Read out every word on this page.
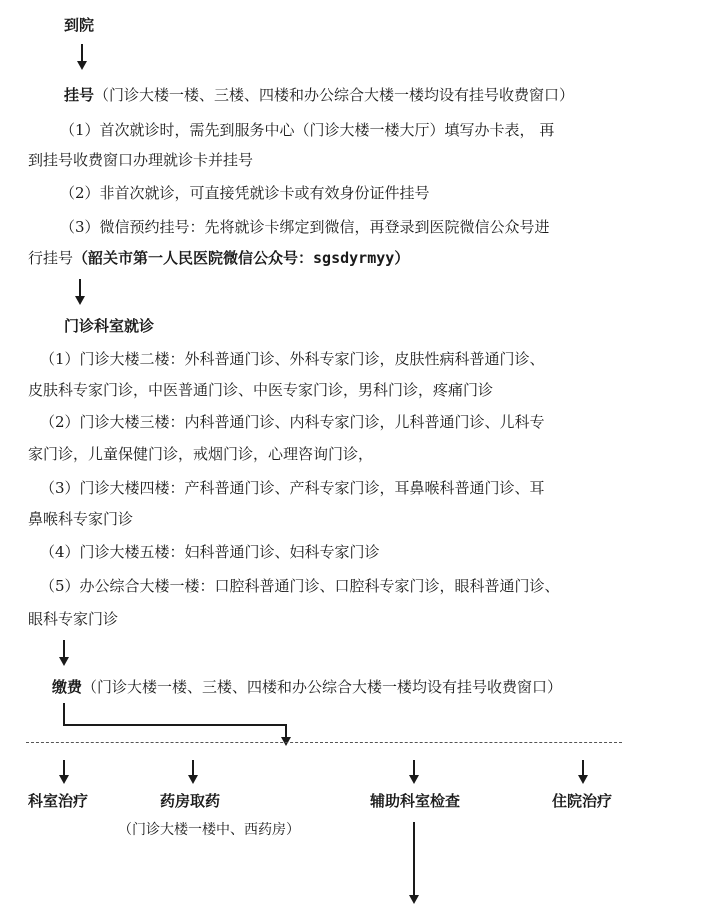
到院
挂号（门诊大楼一楼、三楼、四楼和办公综合大楼一楼均设有挂号收费窗口）
（1）首次就诊时，需先到服务中心（门诊大楼一楼大厅）填写办卡表， 再
到挂号收费窗口办理就诊卡并挂号
（2）非首次就诊，可直接凭就诊卡或有效身份证件挂号
（3）微信预约挂号：先将就诊卡绑定到微信，再登录到医院微信公众号进
行挂号（韶关市第一人民医院微信公众号：sgsdyrmyy）
门诊科室就诊
（1）门诊大楼二楼：外科普通门诊、外科专家门诊，皮肤性病科普通门诊、
皮肤科专家门诊，中医普通门诊、中医专家门诊，男科门诊，疼痛门诊
（2）门诊大楼三楼：内科普通门诊、内科专家门诊，儿科普通门诊、儿科专
家门诊，儿童保健门诊，戒烟门诊，心理咨询门诊，
（3）门诊大楼四楼：产科普通门诊、产科专家门诊，耳鼻喉科普通门诊、耳
鼻喉科专家门诊
（4）门诊大楼五楼：妇科普通门诊、妇科专家门诊
（5）办公综合大楼一楼：口腔科普通门诊、口腔科专家门诊，眼科普通门诊、
眼科专家门诊
缴费（门诊大楼一楼、三楼、四楼和办公综合大楼一楼均设有挂号收费窗口）
科室治疗	药房取药
（门诊大楼一楼中、西药房）
辅助科室检查	住院治疗
